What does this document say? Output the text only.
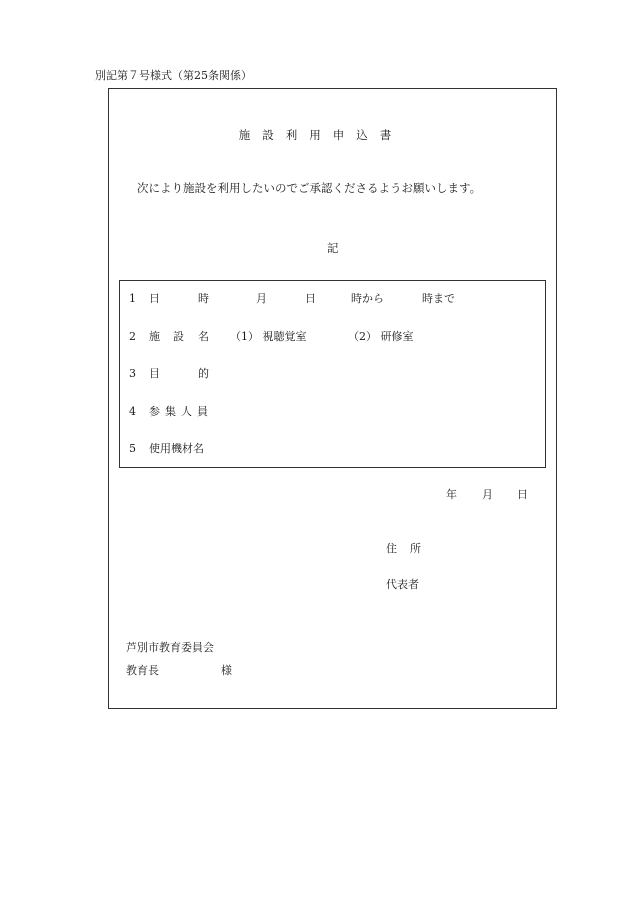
別記第７号様式（第25条関係）
施 設 利 用 申 込 書
次により施設を利用したいのでご承認くださるようお願いします。
記
1 日	時	月	日	時から	時まで
2 施 設 名 （1） 視聴覚室	（2） 研修室
3 目	的
4 参 集 人 員
5 使用機材名
年 月 日
住 所
代表者
芦別市教育委員会
教育長	様
